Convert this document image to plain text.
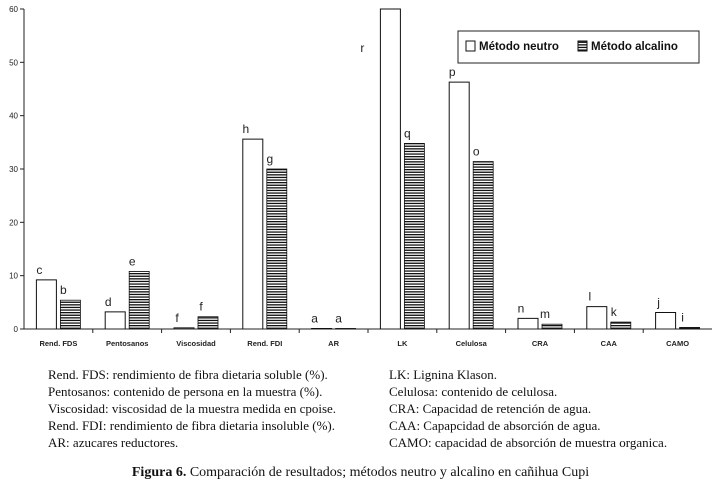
0
10
20
30
40
50
60
c
b
d
e
f
f
h
g
a a
r
q
p
o
n m
l
k
j
i
Rend. FDS	Pentosanos	Viscosidad	Rend. FDI	AR	LK	Celulosa	CRA	CAA	CAMO
Método neutro	Método alcalino
Rend. FDS: rendimiento de fibra dietaria soluble (%).
Pentosanos: contenido de persona en la muestra (%).
Viscosidad: viscosidad de la muestra medida en cpoise.
Rend. FDI: rendimiento de fibra dietaria insoluble (%).
AR: azucares reductores.
LK: Lignina Klason.
Celulosa: contenido de celulosa.
CRA: Capacidad de retención de agua.
CAA: Capapcidad de absorción de agua.
CAMO: capacidad de absorción de muestra organica.
Figura 6. Comparación de resultados; métodos neutro y alcalino en cañihua Cupi
